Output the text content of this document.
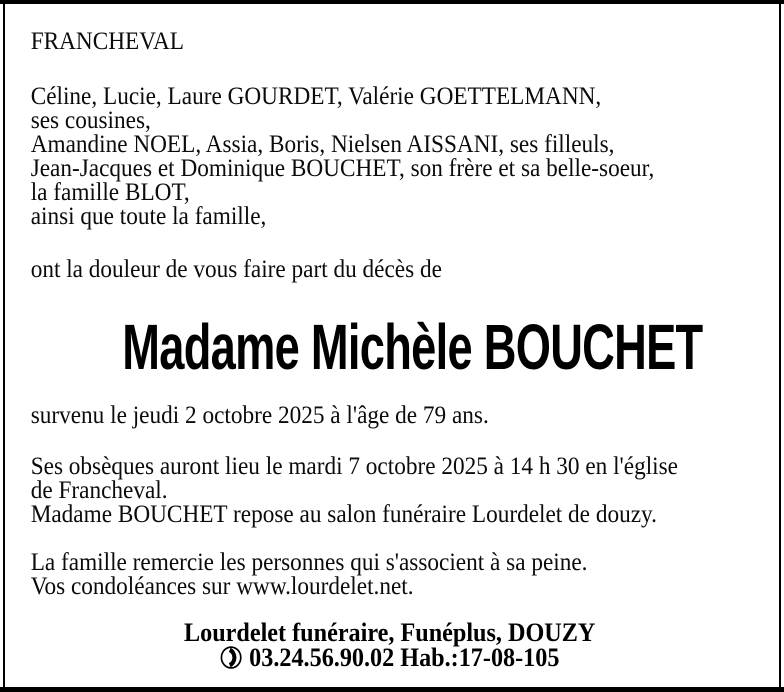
FRANCHEVAL
Céline, Lucie, Laure GOURDET, Valérie GOETTELMANN,
ses cousines,
Amandine NOEL, Assia, Boris, Nielsen AISSANI, ses filleuls,
Jean-Jacques et Dominique BOUCHET, son frère et sa belle-soeur,
la famille BLOT,
ainsi que toute la famille,
ont la douleur de vous faire part du décès de
Madame Michèle BOUCHET
survenu le jeudi 2 octobre 2025 à l'âge de 79 ans.
Ses obsèques auront lieu le mardi 7 octobre 2025 à 14 h 30 en l'église
de Francheval.
Madame BOUCHET repose au salon funéraire Lourdelet de douzy.
La famille remercie les personnes qui s'associent à sa peine.
Vos condoléances sur www.lourdelet.net.
Lourdelet funéraire, Funéplus, DOUZY
03.24.56.90.02 Hab.:17-08-105
